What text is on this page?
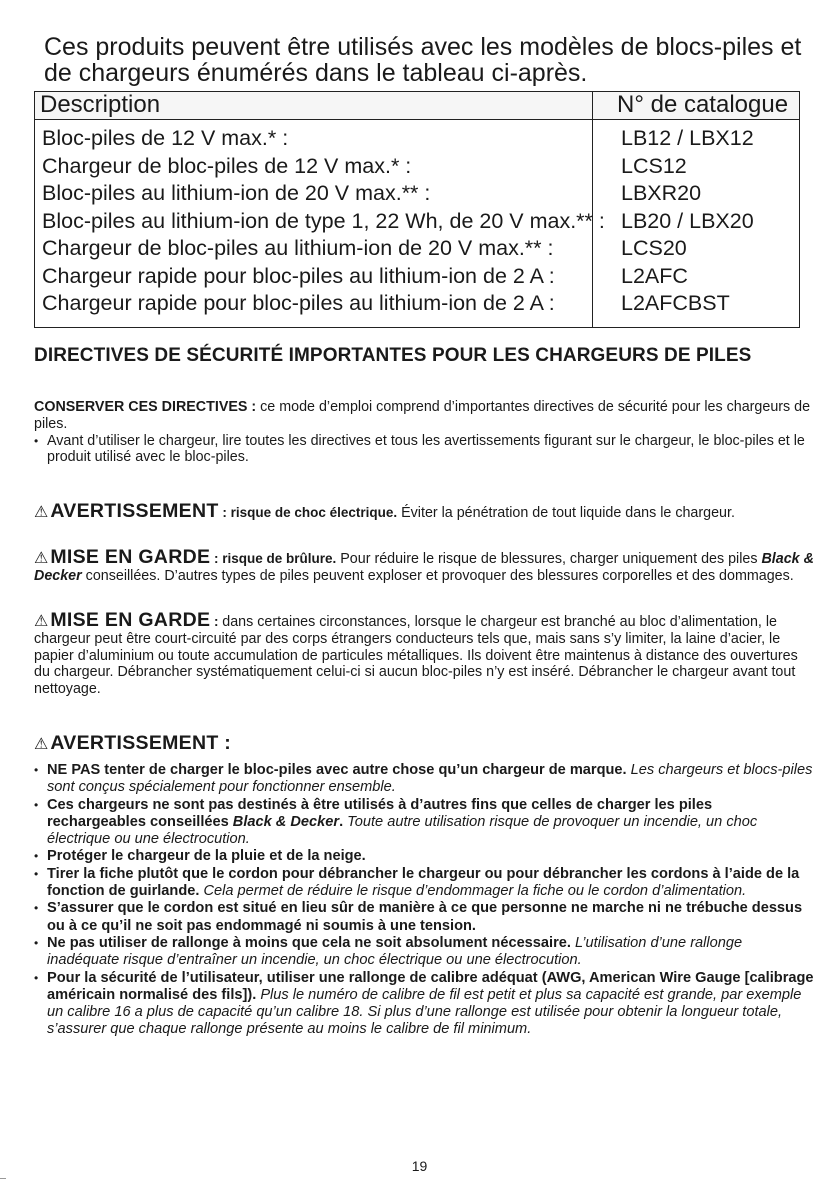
Ces produits peuvent être utilisés avec les modèles de blocs-piles et de chargeurs énumérés dans le tableau ci-après.

Description	N° de catalogue
Bloc-piles de 12 V max.* :	LB12 / LBX12
Chargeur de bloc-piles de 12 V max.* :	LCS12
Bloc-piles au lithium-ion de 20 V max.** :	LBXR20
Bloc-piles au lithium-ion de type 1, 22 Wh, de 20 V max.** : LB20 / LBX20
Chargeur de bloc-piles au lithium-ion de 20 V max.** :	LCS20
Chargeur rapide pour bloc-piles au lithium-ion de 2 A :	L2AFC
Chargeur rapide pour bloc-piles au lithium-ion de 2 A :	L2AFCBST
DIRECTIVES DE SÉCURITÉ IMPORTANTES POUR LES CHARGEURS DE PILES
CONSERVER CES DIRECTIVES : ce mode d’emploi comprend d’importantes directives de sécurité pour les chargeurs de piles.
• Avant d’utiliser le chargeur, lire toutes les directives et tous les avertissements figurant sur le chargeur, le bloc-piles et le produit utilisé avec le bloc-piles.
⚠ AVERTISSEMENT : risque de choc électrique. Éviter la pénétration de tout liquide dans le chargeur.
⚠ MISE EN GARDE : risque de brûlure. Pour réduire le risque de blessures, charger uniquement des piles Black & Decker conseillées. D’autres types de piles peuvent exploser et provoquer des blessures corporelles et des dommages.
⚠ MISE EN GARDE : dans certaines circonstances, lorsque le chargeur est branché au bloc d’alimentation, le chargeur peut être court-circuité par des corps étrangers conducteurs tels que, mais sans s’y limiter, la laine d’acier, le papier d’aluminium ou toute accumulation de particules métalliques. Ils doivent être maintenus à distance des ouvertures du chargeur. Débrancher systématiquement celui-ci si aucun bloc-piles n’y est inséré. Débrancher le chargeur avant tout nettoyage.
⚠ AVERTISSEMENT :
• NE PAS tenter de charger le bloc-piles avec autre chose qu’un chargeur de marque. Les chargeurs et blocs-piles sont conçus spécialement pour fonctionner ensemble.
• Ces chargeurs ne sont pas destinés à être utilisés à d’autres fins que celles de charger les piles rechargeables conseillées Black & Decker. Toute autre utilisation risque de provoquer un incendie, un choc électrique ou une électrocution.
• Protéger le chargeur de la pluie et de la neige.
• Tirer la fiche plutôt que le cordon pour débrancher le chargeur ou pour débrancher les cordons à l’aide de la fonction de guirlande. Cela permet de réduire le risque d’endommager la fiche ou le cordon d’alimentation.
• S’assurer que le cordon est situé en lieu sûr de manière à ce que personne ne marche ni ne trébuche dessus ou à ce qu’il ne soit pas endommagé ni soumis à une tension.
• Ne pas utiliser de rallonge à moins que cela ne soit absolument nécessaire. L’utilisation d’une rallonge inadéquate risque d’entraîner un incendie, un choc électrique ou une électrocution.
• Pour la sécurité de l’utilisateur, utiliser une rallonge de calibre adéquat (AWG, American Wire Gauge [calibrage américain normalisé des fils]). Plus le numéro de calibre de fil est petit et plus sa capacité est grande, par exemple un calibre 16 a plus de capacité qu’un calibre 18. Si plus d’une rallonge est utilisée pour obtenir la longueur totale, s’assurer que chaque rallonge présente au moins le calibre de fil minimum.
19
